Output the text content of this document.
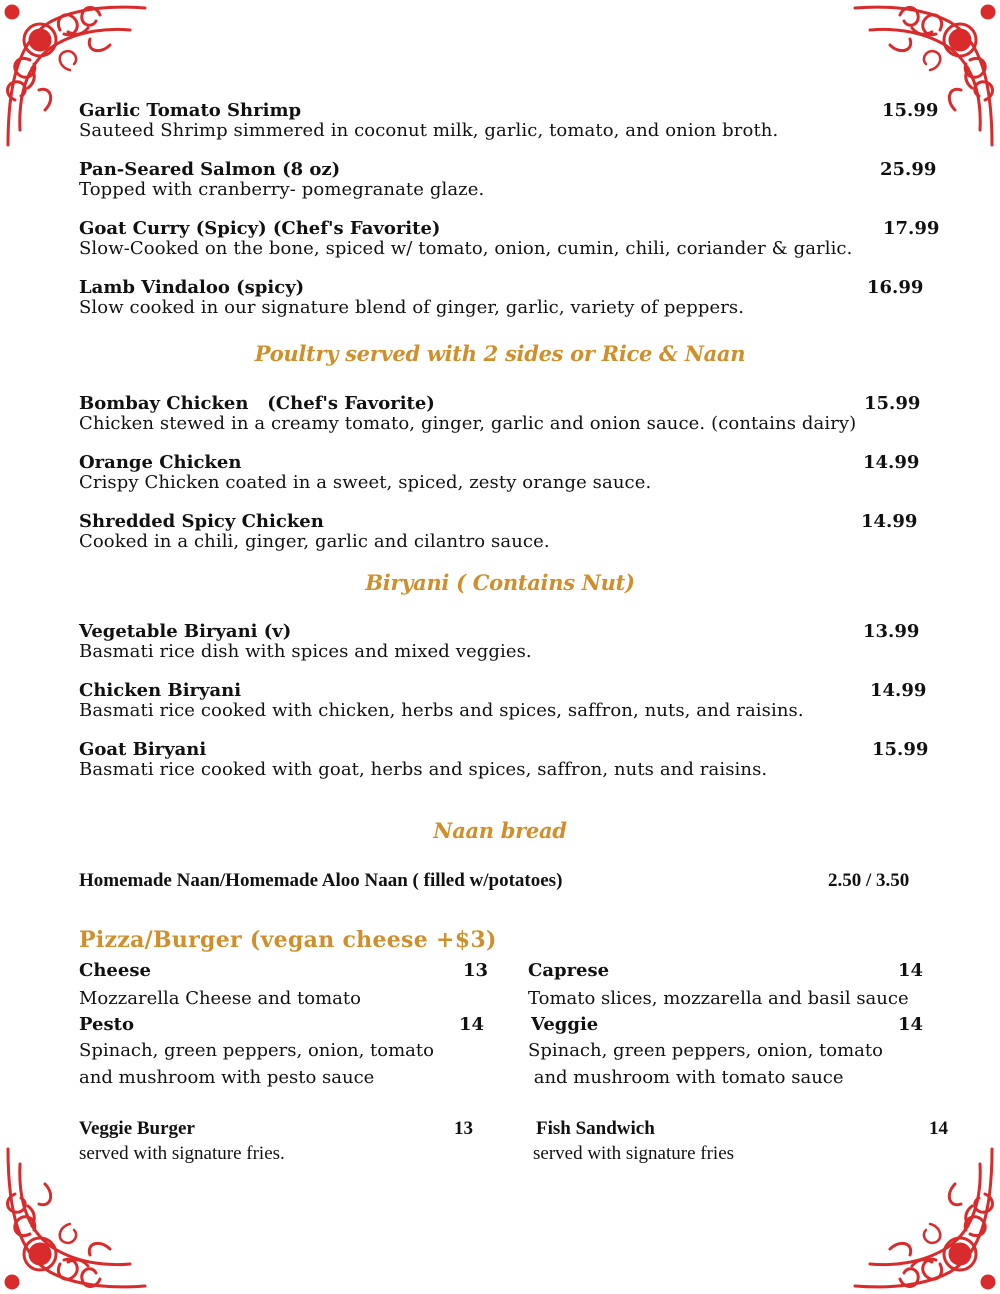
Garlic Tomato Shrimp	15.99
Sauteed Shrimp simmered in coconut milk, garlic, tomato, and onion broth.
Pan-Seared Salmon (8 oz)	25.99
Topped with cranberry- pomegranate glaze.
Goat Curry (Spicy) (Chef's Favorite)	17.99
Slow-Cooked on the bone, spiced w/ tomato, onion, cumin, chili, coriander & garlic.
Lamb Vindaloo (spicy)	16.99
Slow cooked in our signature blend of ginger, garlic, variety of peppers.
Poultry served with 2 sides or Rice & Naan
Bombay Chicken   (Chef's Favorite)	15.99
Chicken stewed in a creamy tomato, ginger, garlic and onion sauce. (contains dairy)
Orange Chicken	14.99
Crispy Chicken coated in a sweet, spiced, zesty orange sauce.
Shredded Spicy Chicken	14.99
Cooked in a chili, ginger, garlic and cilantro sauce.
Biryani ( Contains Nut)
Vegetable Biryani (v)	13.99
Basmati rice dish with spices and mixed veggies.
Chicken Biryani	14.99
Basmati rice cooked with chicken, herbs and spices, saffron, nuts, and raisins.
Goat Biryani	15.99
Basmati rice cooked with goat, herbs and spices, saffron, nuts and raisins.
Naan bread
Homemade Naan/Homemade Aloo Naan ( filled w/potatoes)	2.50 / 3.50
Pizza/Burger (vegan cheese +$3)
Cheese	13
Mozzarella Cheese and tomato
Caprese	14
Tomato slices, mozzarella and basil sauce
Pesto	14
Spinach, green peppers, onion, tomato
and mushroom with pesto sauce
Veggie	14
Spinach, green peppers, onion, tomato
and mushroom with tomato sauce
Veggie Burger	13
served with signature fries.
Fish Sandwich	14
served with signature fries
